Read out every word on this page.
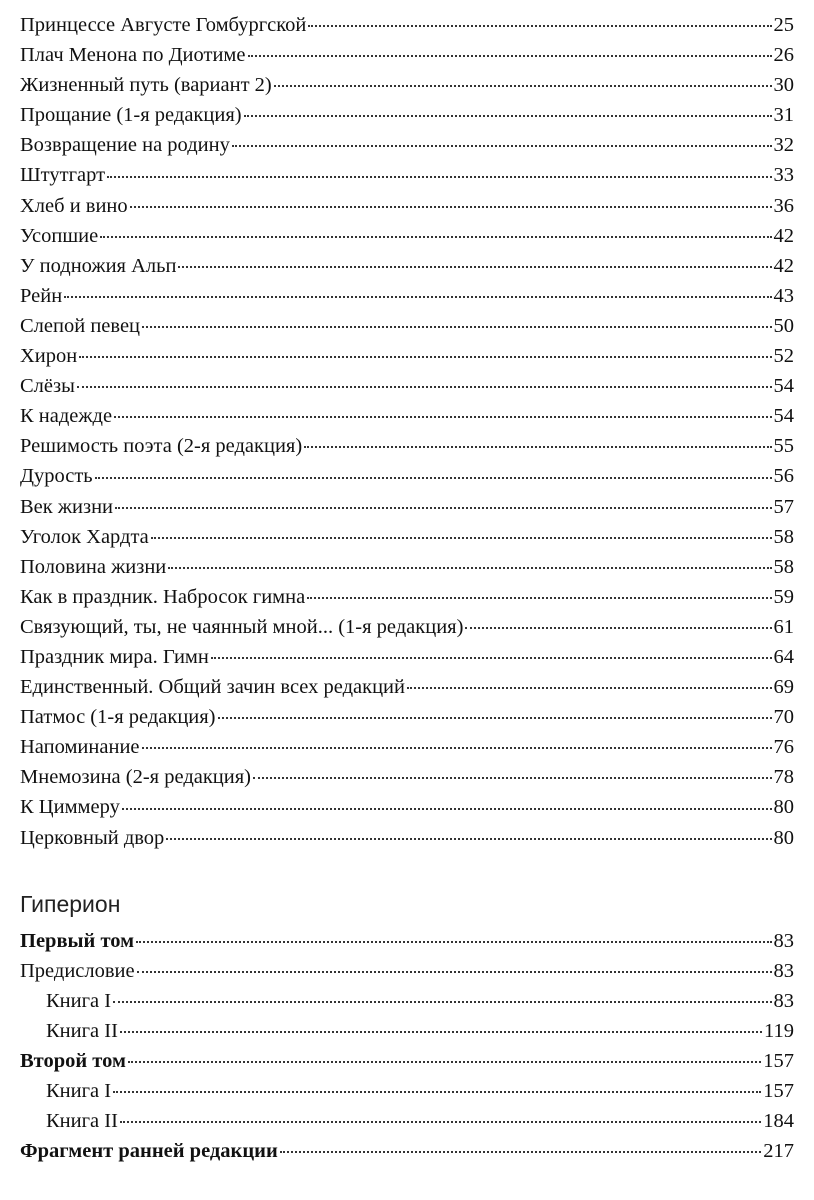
Принцессе Августе Гомбургской	25
Плач Менона по Диотиме	26
Жизненный путь (вариант 2)	30
Прощание (1-я редакция)	31
Возвращение на родину	32
Штутгарт	33
Хлеб и вино	36
Усопшие	42
У подножия Альп	42
Рейн	43
Слепой певец	50
Хирон	52
Слёзы	54
К надежде	54
Решимость поэта (2-я редакция)	55
Дурость	56
Век жизни	57
Уголок Хардта	58
Половина жизни	58
Как в праздник. Набросок гимна	59
Связующий, ты, не чаянный мной... (1-я редакция)	61
Праздник мира. Гимн	64
Единственный. Общий зачин всех редакций	69
Патмос (1-я редакция)	70
Напоминание	76
Мнемозина (2-я редакция)	78
К Циммеру	80
Церковный двор	80
Гиперион
Первый том	83
Предисловие	83
Книга I	83
Книга II	119
Второй том	157
Книга I	157
Книга II	184
Фрагмент ранней редакции	217
